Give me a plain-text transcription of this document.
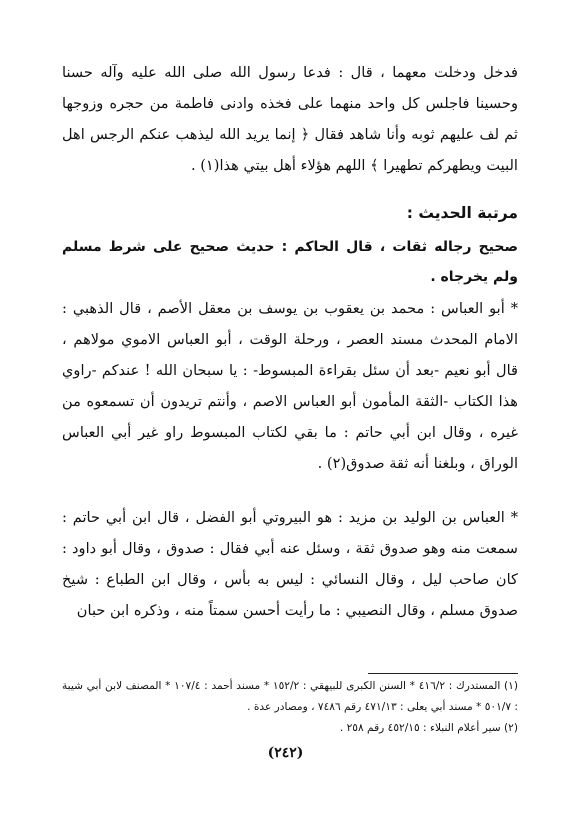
فدخل ودخلت معهما ، قال : فدعا رسول الله صلى الله عليه وآله حسنا وحسينا فاجلس كل واحد منهما على فخذه وادنى فاطمة من حجره وزوجها ثم لف عليهم ثوبه وأنا شاهد فقال ﴿ إنما يريد الله ليذهب عنكم الرجس اهل البيت ويطهركم تطهيرا ﴾ اللهم هؤلاء أهل بيتي هذا(١) .

مرتبة الحديث :

صحيح رجاله ثقات ، قال الحاكم : حديث صحيح على شرط مسلم ولم يخرجاه .

* أبو العباس : محمد بن يعقوب بن يوسف بن معقل الأصم ، قال الذهبي : الامام المحدث مسند العصر ، ورحلة الوقت ، أبو العباس الاموي مولاهم ، قال أبو نعيم -بعد أن سئل بقراءة المبسوط- : يا سبحان الله ! عندكم -راوي هذا الكتاب -الثقة المأمون أبو العباس الاصم ، وأنتم تريدون أن تسمعوه من غيره ، وقال ابن أبي حاتم : ما بقي لكتاب المبسوط راو غير أبي العباس الوراق ، وبلغنا أنه ثقة صدوق(٢) .

* العباس بن الوليد بن مزيد : هو البيروتي أبو الفضل ، قال ابن أبي حاتم : سمعت منه وهو صدوق ثقة ، وسئل عنه أبي فقال : صدوق ، وقال أبو داود : كان صاحب ليل ، وقال النسائي : ليس به بأس ، وقال ابن الطباع : شيخ صدوق مسلم ، وقال النصيبي : ما رأيت أحسن سمتاً منه ، وذكره ابن حبان

(١) المستدرك : ٤١٦/٢ * السنن الكبرى للبيهقي : ١٥٢/٢ * مسند أحمد : ١٠٧/٤ * المصنف لابن أبي شيبة : ٥٠١/٧ * مسند أبي يعلى : ٤٧١/١٣ رقم ٧٤٨٦ ، ومصادر عدة .
(٢) سير أعلام النبلاء : ٤٥٢/١٥ رقم ٢٥٨ .

(٢٤٢)
